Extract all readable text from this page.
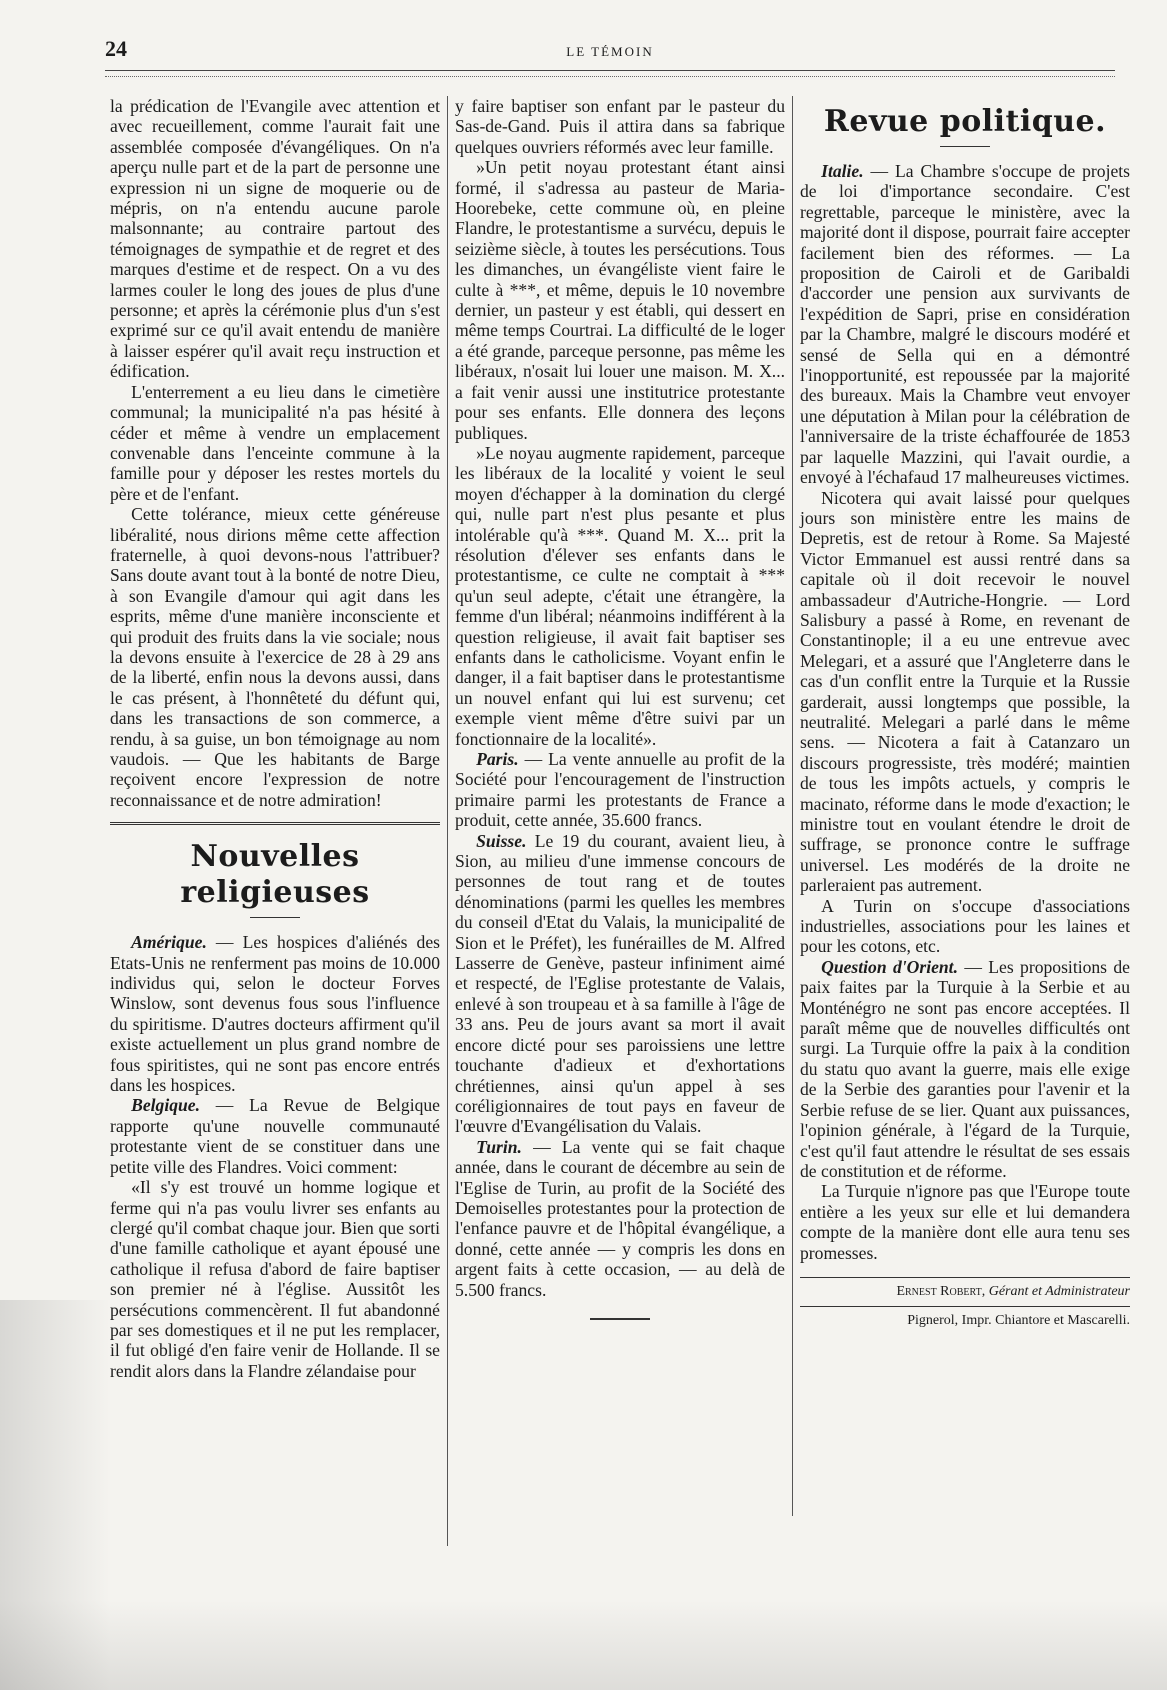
24	LE TÉMOIN

la prédication de l'Evangile avec attention et avec recueillement, comme l'aurait fait une assemblée composée d'évangéliques. On n'a aperçu nulle part et de la part de personne une expression ni un signe de moquerie ou de mépris, on n'a entendu aucune parole malsonnante; au contraire partout des témoignages de sympathie et de regret et des marques d'estime et de respect. On a vu des larmes couler le long des joues de plus d'une personne; et après la cérémonie plus d'un s'est exprimé sur ce qu'il avait entendu de manière à laisser espérer qu'il avait reçu instruction et édification.

L'enterrement a eu lieu dans le cimetière communal; la municipalité n'a pas hésité à céder et même à vendre un emplacement convenable dans l'enceinte commune à la famille pour y déposer les restes mortels du père et de l'enfant.

Cette tolérance, mieux cette généreuse libéralité, nous dirions même cette affection fraternelle, à quoi devons-nous l'attribuer? Sans doute avant tout à la bonté de notre Dieu, à son Evangile d'amour qui agit dans les esprits, même d'une manière inconsciente et qui produit des fruits dans la vie sociale; nous la devons ensuite à l'exercice de 28 à 29 ans de la liberté, enfin nous la devons aussi, dans le cas présent, à l'honnêteté du défunt qui, dans les transactions de son commerce, a rendu, à sa guise, un bon témoignage au nom vaudois. — Que les habitants de Barge reçoivent encore l'expression de notre reconnaissance et de notre admiration!

Nouvelles religieuses

Amérique. — Les hospices d'aliénés des Etats-Unis ne renferment pas moins de 10.000 individus qui, selon le docteur Forves Winslow, sont devenus fous sous l'influence du spiritisme. D'autres docteurs affirment qu'il existe actuellement un plus grand nombre de fous spiritistes, qui ne sont pas encore entrés dans les hospices.

Belgique. — La Revue de Belgique rapporte qu'une nouvelle communauté protestante vient de se constituer dans une petite ville des Flandres. Voici comment:

«Il s'y est trouvé un homme logique et ferme qui n'a pas voulu livrer ses enfants au clergé qu'il combat chaque jour. Bien que sorti d'une famille catholique et ayant épousé une catholique il refusa d'abord de faire baptiser son premier né à l'église. Aussitôt les persécutions commencèrent. Il fut abandonné par ses domestiques et il ne put les remplacer, il fut obligé d'en faire venir de Hollande. Il se rendit alors dans la Flandre zélandaise pour

y faire baptiser son enfant par le pasteur du Sas-de-Gand. Puis il attira dans sa fabrique quelques ouvriers réformés avec leur famille.

»Un petit noyau protestant étant ainsi formé, il s'adressa au pasteur de Maria-Hoorebeke, cette commune où, en pleine Flandre, le protestantisme a survécu, depuis le seizième siècle, à toutes les persécutions. Tous les dimanches, un évangéliste vient faire le culte à ***, et même, depuis le 10 novembre dernier, un pasteur y est établi, qui dessert en même temps Courtrai. La difficulté de le loger a été grande, parceque personne, pas même les libéraux, n'osait lui louer une maison. M. X... a fait venir aussi une institutrice protestante pour ses enfants. Elle donnera des leçons publiques.

»Le noyau augmente rapidement, parceque les libéraux de la localité y voient le seul moyen d'échapper à la domination du clergé qui, nulle part n'est plus pesante et plus intolérable qu'à ***. Quand M. X... prit la résolution d'élever ses enfants dans le protestantisme, ce culte ne comptait à *** qu'un seul adepte, c'était une étrangère, la femme d'un libéral; néanmoins indifférent à la question religieuse, il avait fait baptiser ses enfants dans le catholicisme. Voyant enfin le danger, il a fait baptiser dans le protestantisme un nouvel enfant qui lui est survenu; cet exemple vient même d'être suivi par un fonctionnaire de la localité».

Paris. — La vente annuelle au profit de la Société pour l'encouragement de l'instruction primaire parmi les protestants de France a produit, cette année, 35.600 francs.

Suisse. Le 19 du courant, avaient lieu, à Sion, au milieu d'une immense concours de personnes de tout rang et de toutes dénominations (parmi les quelles les membres du conseil d'Etat du Valais, la municipalité de Sion et le Préfet), les funérailles de M. Alfred Lasserre de Genève, pasteur infiniment aimé et respecté, de l'Eglise protestante de Valais, enlevé à son troupeau et à sa famille à l'âge de 33 ans. Peu de jours avant sa mort il avait encore dicté pour ses paroissiens une lettre touchante d'adieux et d'exhortations chrétiennes, ainsi qu'un appel à ses coréligionnaires de tout pays en faveur de l'œuvre d'Evangélisation du Valais.

Turin. — La vente qui se fait chaque année, dans le courant de décembre au sein de l'Eglise de Turin, au profit de la Société des Demoiselles protestantes pour la protection de l'enfance pauvre et de l'hôpital évangélique, a donné, cette année — y compris les dons en argent faits à cette occasion, — au delà de 5.500 francs.

Revue politique.

Italie. — La Chambre s'occupe de projets de loi d'importance secondaire. C'est regrettable, parceque le ministère, avec la majorité dont il dispose, pourrait faire accepter facilement bien des réformes. — La proposition de Cairoli et de Garibaldi d'accorder une pension aux survivants de l'expédition de Sapri, prise en considération par la Chambre, malgré le discours modéré et sensé de Sella qui en a démontré l'inopportunité, est repoussée par la majorité des bureaux. Mais la Chambre veut envoyer une députation à Milan pour la célébration de l'anniversaire de la triste échaffourée de 1853 par laquelle Mazzini, qui l'avait ourdie, a envoyé à l'échafaud 17 malheureuses victimes.

Nicotera qui avait laissé pour quelques jours son ministère entre les mains de Depretis, est de retour à Rome. Sa Majesté Victor Emmanuel est aussi rentré dans sa capitale où il doit recevoir le nouvel ambassadeur d'Autriche-Hongrie. — Lord Salisbury a passé à Rome, en revenant de Constantinople; il a eu une entrevue avec Melegari, et a assuré que l'Angleterre dans le cas d'un conflit entre la Turquie et la Russie garderait, aussi longtemps que possible, la neutralité. Melegari a parlé dans le même sens. — Nicotera a fait à Catanzaro un discours progressiste, très modéré; maintien de tous les impôts actuels, y compris le macinato, réforme dans le mode d'exaction; le ministre tout en voulant étendre le droit de suffrage, se prononce contre le suffrage universel. Les modérés de la droite ne parleraient pas autrement.

A Turin on s'occupe d'associations industrielles, associations pour les laines et pour les cotons, etc.

Question d'Orient. — Les propositions de paix faites par la Turquie à la Serbie et au Monténégro ne sont pas encore acceptées. Il paraît même que de nouvelles difficultés ont surgi. La Turquie offre la paix à la condition du statu quo avant la guerre, mais elle exige de la Serbie des garanties pour l'avenir et la Serbie refuse de se lier. Quant aux puissances, l'opinion générale, à l'égard de la Turquie, c'est qu'il faut attendre le résultat de ses essais de constitution et de réforme.

La Turquie n'ignore pas que l'Europe toute entière a les yeux sur elle et lui demandera compte de la manière dont elle aura tenu ses promesses.

Ernest Robert, Gérant et Administrateur
Pignerol, Impr. Chiantore et Mascarelli.
